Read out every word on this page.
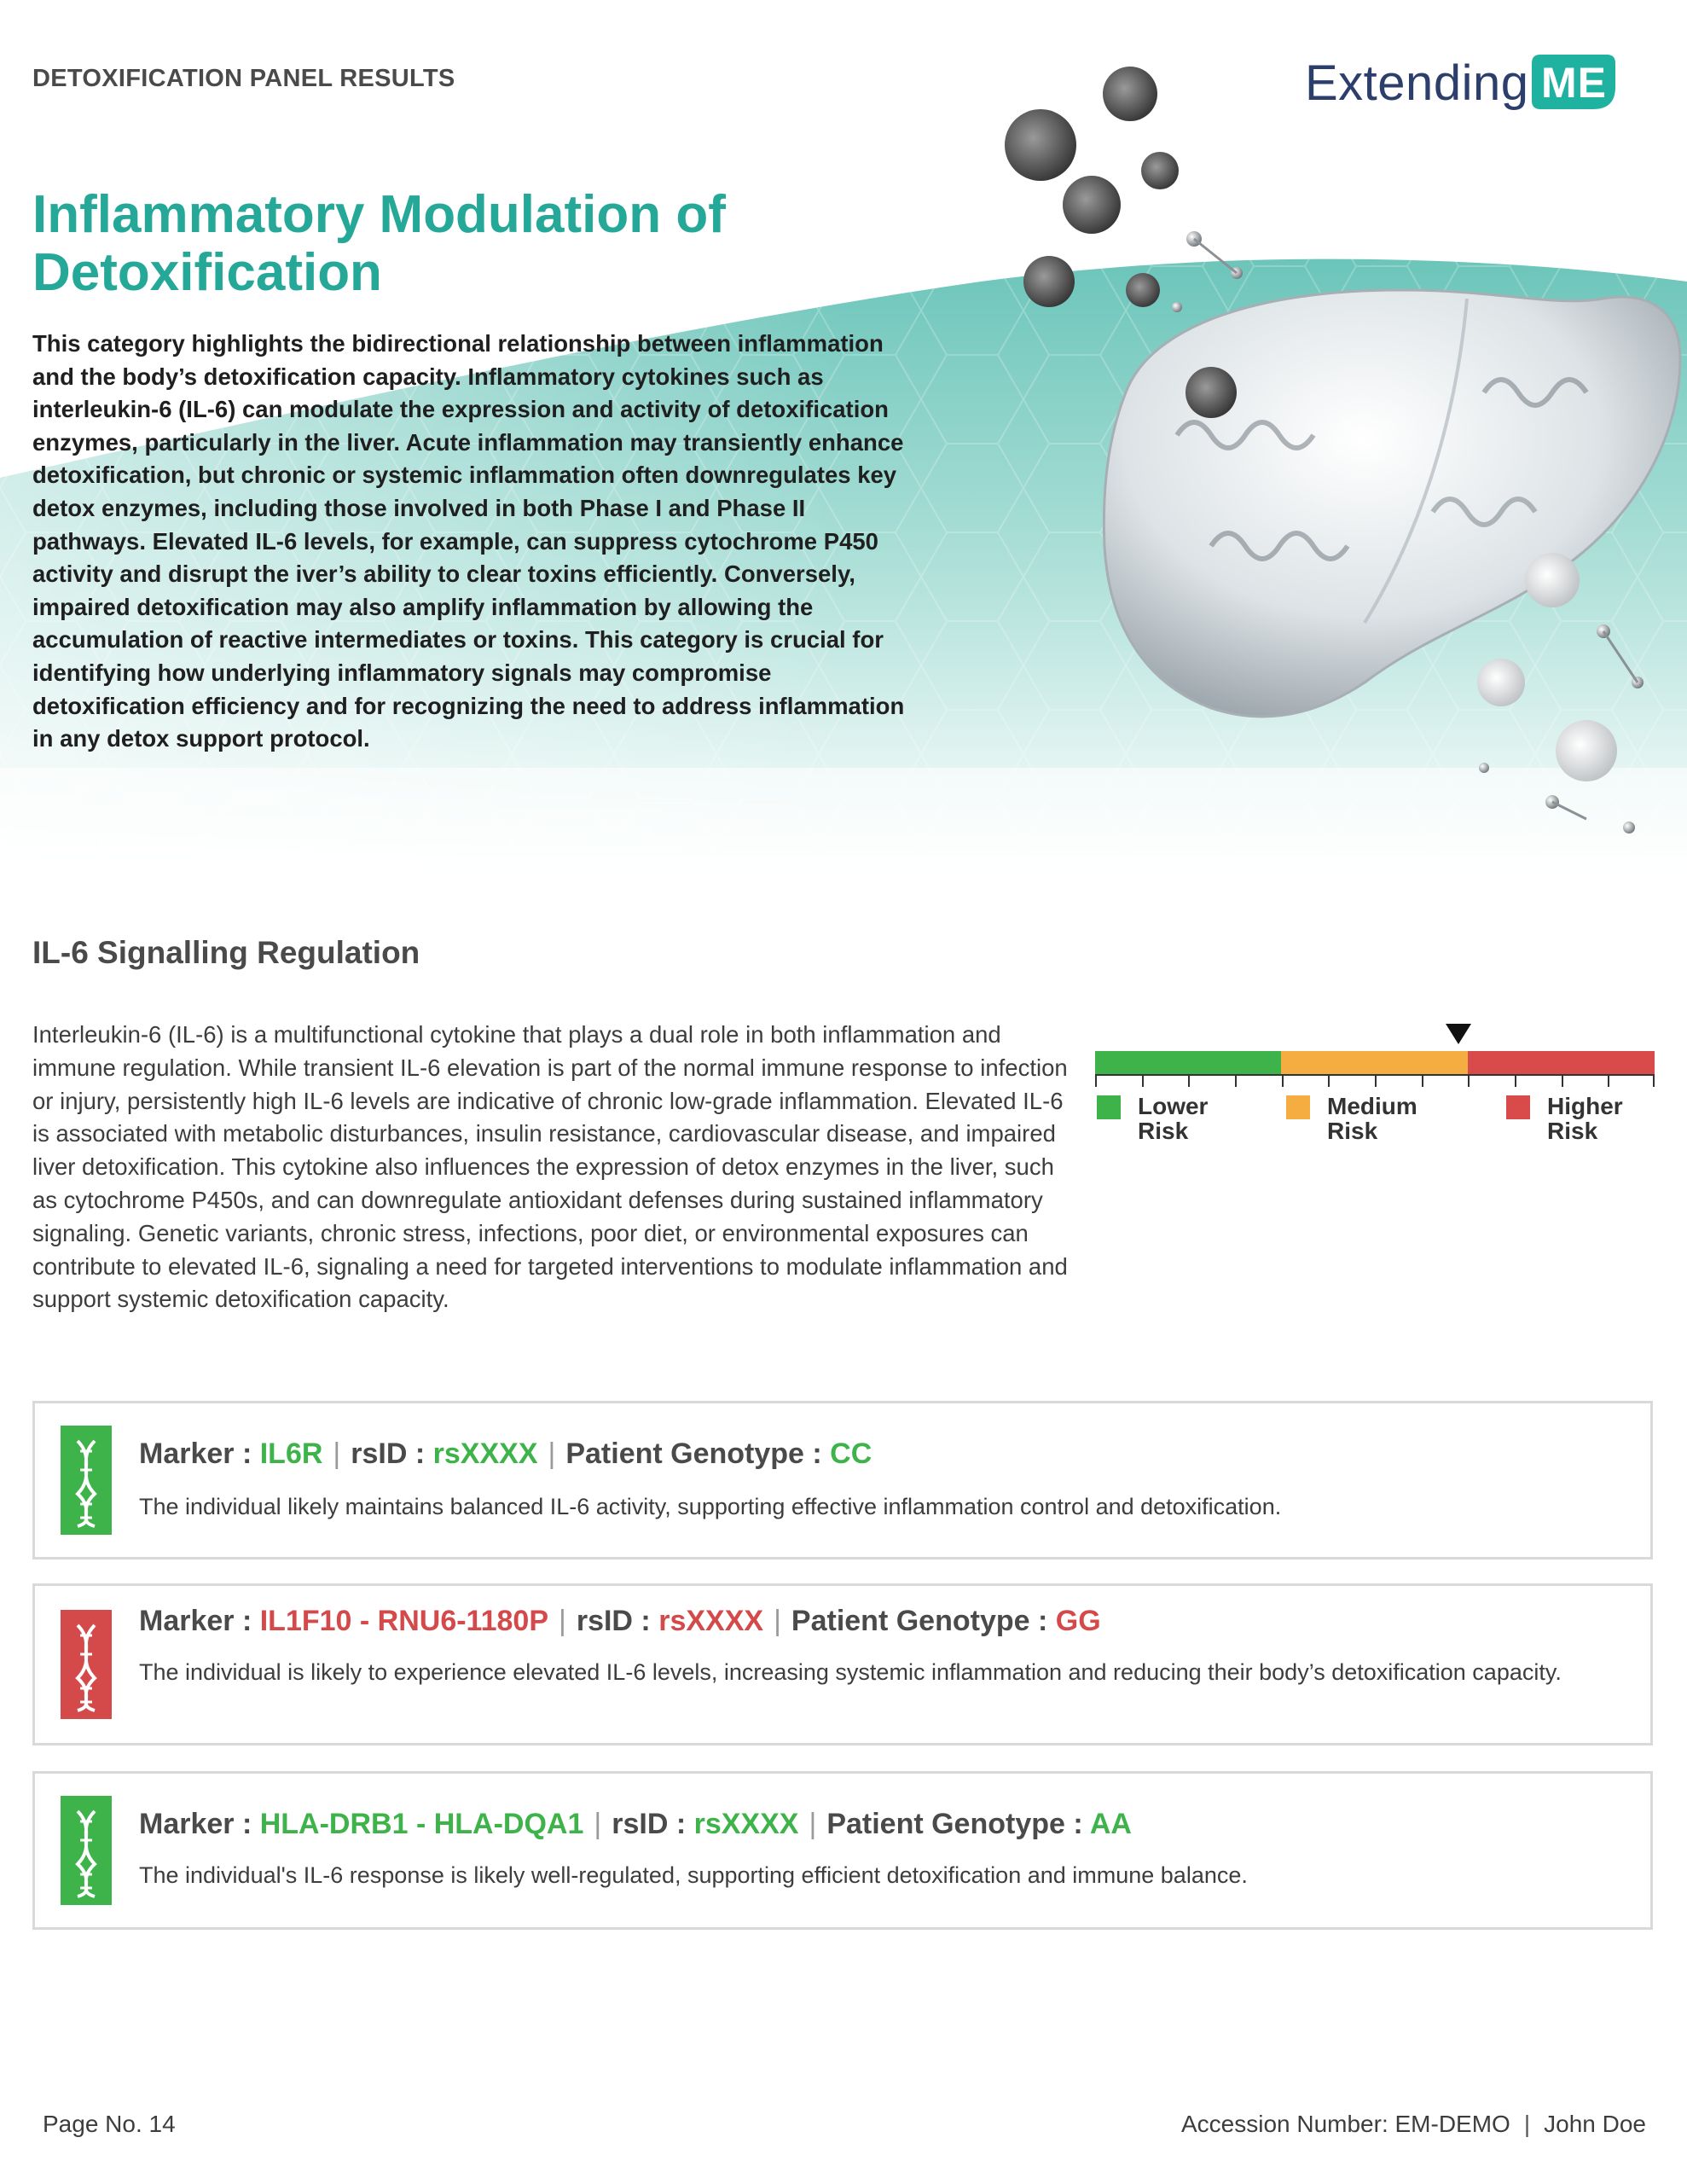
DETOXIFICATION PANEL RESULTS	Extending ME
Inflammatory Modulation of
Detoxification
This category highlights the bidirectional relationship between inflammation and the body’s detoxification capacity. Inflammatory cytokines such as interleukin-6 (IL-6) can modulate the expression and activity of detoxification enzymes, particularly in the liver. Acute inflammation may transiently enhance detoxification, but chronic or systemic inflammation often downregulates key detox enzymes, including those involved in both Phase I and Phase II pathways. Elevated IL-6 levels, for example, can suppress cytochrome P450 activity and disrupt the iver’s ability to clear toxins efficiently. Conversely, impaired detoxification may also amplify inflammation by allowing the accumulation of reactive intermediates or toxins. This category is crucial for identifying how underlying inflammatory signals may compromise detoxification efficiency and for recognizing the need to address inflammation in any detox support protocol.
IL-6 Signalling Regulation
Interleukin-6 (IL-6) is a multifunctional cytokine that plays a dual role in both inflammation and immune regulation. While transient IL-6 elevation is part of the normal immune response to infection or injury, persistently high IL-6 levels are indicative of chronic low-grade inflammation. Elevated IL-6 is associated with metabolic disturbances, insulin resistance, cardiovascular disease, and impaired liver detoxification. This cytokine also influences the expression of detox enzymes in the liver, such as cytochrome P450s, and can downregulate antioxidant defenses during sustained inflammatory signaling. Genetic variants, chronic stress, infections, poor diet, or environmental exposures can contribute to elevated IL-6, signaling a need for targeted interventions to modulate inflammation and support systemic detoxification capacity.
Lower
Risk
Medium
Risk
Higher
Risk
Marker : IL6R | rsID : rsXXXX | Patient Genotype : CC
The individual likely maintains balanced IL-6 activity, supporting effective inflammation control and detoxification.
Marker : IL1F10 - RNU6-1180P | rsID : rsXXXX | Patient Genotype : GG
The individual is likely to experience elevated IL-6 levels, increasing systemic inflammation and reducing their body’s detoxification capacity.
Marker : HLA-DRB1 - HLA-DQA1 | rsID : rsXXXX | Patient Genotype : AA
The individual's IL-6 response is likely well-regulated, supporting efficient detoxification and immune balance.
Page No. 14	Accession Number: EM-DEMO | John Doe
